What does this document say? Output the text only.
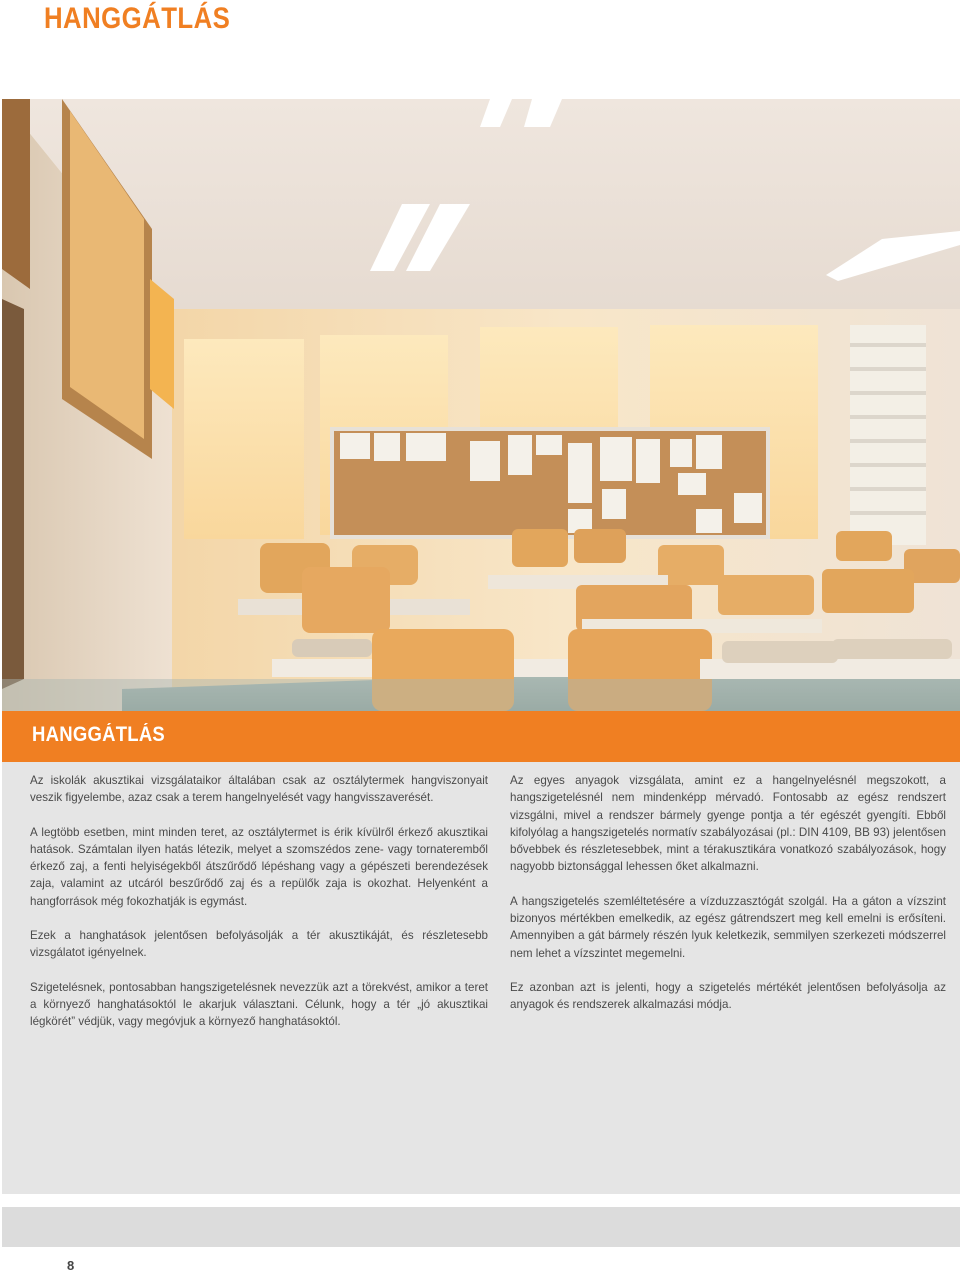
HANGGÁTLÁS
HANGGÁTLÁS

Az iskolák akusztikai vizsgálataikor általában csak az osztálytermek hangviszonyait veszik figyelembe, azaz csak a terem hangelnyelését vagy hangvisszaverését.

A legtöbb esetben, mint minden teret, az osztálytermet is érik kívülről érkező akusztikai hatások. Számtalan ilyen hatás létezik, melyet a szomszédos zene- vagy tornateremből érkező zaj, a fenti helyiségekből átszűrődő lépéshang vagy a gépészeti berendezések zaja, valamint az utcáról beszűrődő zaj és a repülők zaja is okozhat. Helyenként a hangforrások még fokozhatják is egymást.

Ezek a hanghatások jelentősen befolyásolják a tér akusztikáját, és részletesebb vizsgálatot igényelnek.

Szigetelésnek, pontosabban hangszigetelésnek nevezzük azt a törekvést, amikor a teret a környező hanghatásoktól le akarjuk választani. Célunk, hogy a tér „jó akusztikai légkörét” védjük, vagy megóvjuk a környező hanghatásoktól.

Az egyes anyagok vizsgálata, amint ez a hangelnyelésnél megszokott, a hangszigetelésnél nem mindenképp mérvadó. Fontosabb az egész rendszert vizsgálni, mivel a rendszer bármely gyenge pontja a tér egészét gyengíti. Ebből kifolyólag a hangszigetelés normatív szabályozásai (pl.: DIN 4109, BB 93) jelentősen bővebbek és részletesebbek, mint a térakusztikára vonatkozó szabályozások, hogy nagyobb biztonsággal lehessen őket alkalmazni.

A hangszigetelés szemléltetésére a vízduzzasztógát szolgál. Ha a gáton a vízszint bizonyos mértékben emelkedik, az egész gátrendszert meg kell emelni is erősíteni. Amennyiben a gát bármely részén lyuk keletkezik, semmilyen szerkezeti módszerrel nem lehet a vízszintet megemelni.

Ez azonban azt is jelenti, hogy a szigetelés mértékét jelentősen befolyásolja az anyagok és rendszerek alkalmazási módja.

8
